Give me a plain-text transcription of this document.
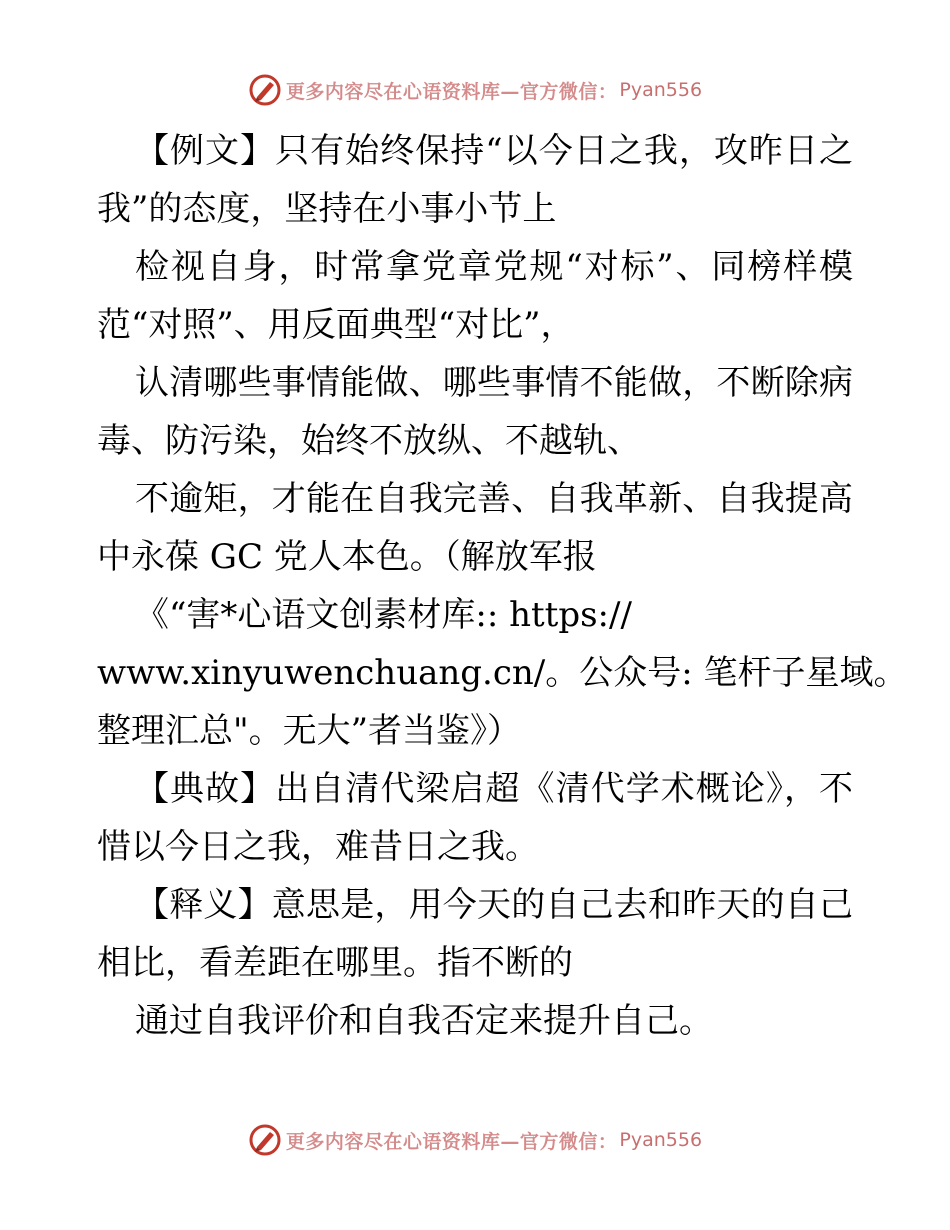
更多内容尽在心语资料库—官方微信： Pyan556
【例文】只有始终保持“以今日之我，攻昨日之
我”的态度，坚持在小事小节上
检视自身，时常拿党章党规“对标”、同榜样模
范“对照”、用反面典型“对比”，
认清哪些事情能做、哪些事情不能做，不断除病
毒、防污染，始终不放纵、不越轨、
不逾矩，才能在自我完善、自我革新、自我提高
中永葆 GC 党人本色。（解放军报
《“害*心语文创素材库:: https://
www.xinyuwenchuang.cn/。公众号: 笔杆子星域。
整理汇总"。无大”者当鉴》）
【典故】出自清代梁启超《清代学术概论》，不
惜以今日之我，难昔日之我。
【释义】意思是，用今天的自己去和昨天的自己
相比，看差距在哪里。指不断的
通过自我评价和自我否定来提升自己。
更多内容尽在心语资料库—官方微信： Pyan556
